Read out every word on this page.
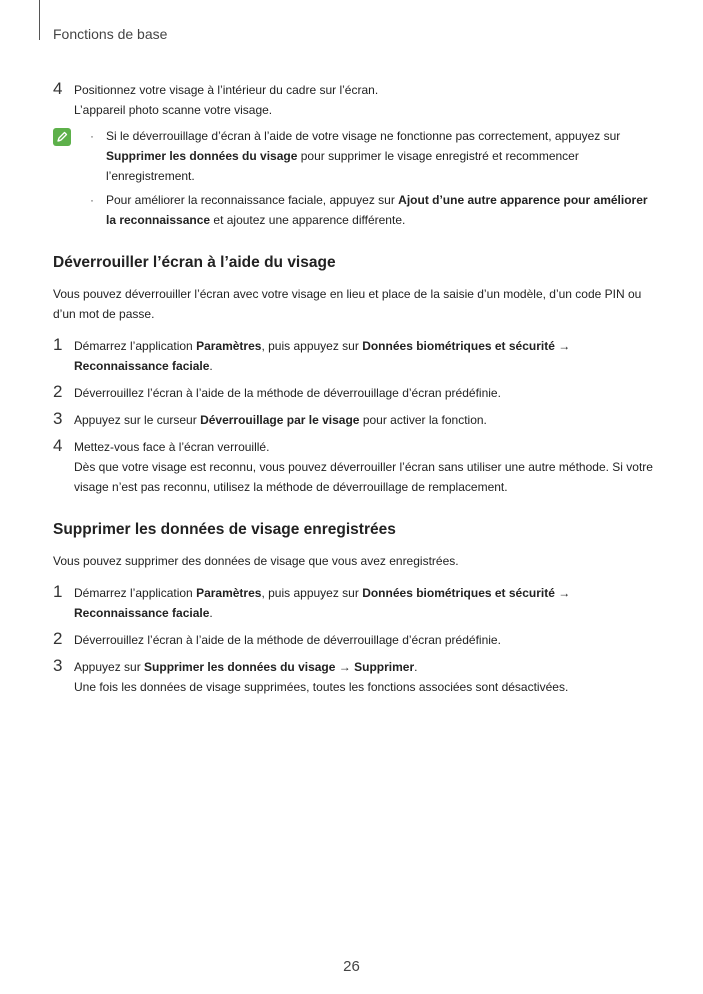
Fonctions de base
4 Positionnez votre visage à l’intérieur du cadre sur l’écran.

L’appareil photo scanne votre visage.

· Si le déverrouillage d’écran à l’aide de votre visage ne fonctionne pas correctement, appuyez sur Supprimer les données du visage pour supprimer le visage enregistré et recommencer l’enregistrement.
· Pour améliorer la reconnaissance faciale, appuyez sur Ajout d’une autre apparence pour améliorer la reconnaissance et ajoutez une apparence différente.
Déverrouiller l’écran à l’aide du visage

Vous pouvez déverrouiller l’écran avec votre visage en lieu et place de la saisie d’un modèle, d’un code PIN ou d’un mot de passe.

1 Démarrez l’application Paramètres, puis appuyez sur Données biométriques et sécurité → Reconnaissance faciale.

2 Déverrouillez l’écran à l’aide de la méthode de déverrouillage d’écran prédéfinie.

3 Appuyez sur le curseur Déverrouillage par le visage pour activer la fonction.

4 Mettez-vous face à l’écran verrouillé.

Dès que votre visage est reconnu, vous pouvez déverrouiller l’écran sans utiliser une autre méthode. Si votre visage n’est pas reconnu, utilisez la méthode de déverrouillage de remplacement.

Supprimer les données de visage enregistrées

Vous pouvez supprimer des données de visage que vous avez enregistrées.

1 Démarrez l’application Paramètres, puis appuyez sur Données biométriques et sécurité → Reconnaissance faciale.

2 Déverrouillez l’écran à l’aide de la méthode de déverrouillage d’écran prédéfinie.

3 Appuyez sur Supprimer les données du visage → Supprimer.

Une fois les données de visage supprimées, toutes les fonctions associées sont désactivées.

26
